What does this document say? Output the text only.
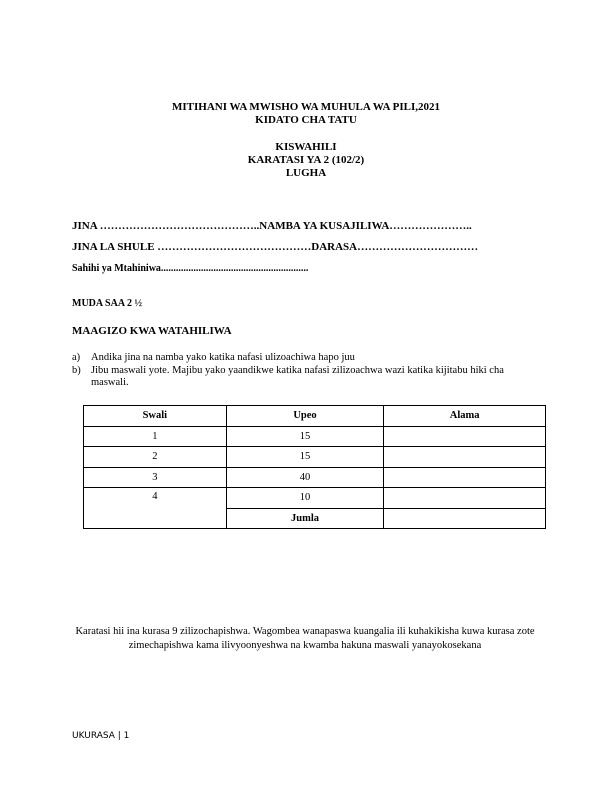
MITIHANI WA MWISHO WA MUHULA WA PILI,2021
KIDATO CHA TATU
KISWAHILI
KARATASI YA 2 (102/2)
LUGHA
JINA ……………………………………..NAMBA YA KUSAJILIWA…………………..
JINA LA SHULE ……………………………………DARASA……………………………
Sahihi ya Mtahiniwa...........................................................
MUDA SAA 2 ½
MAAGIZO KWA WATAHILIWA
a) Andika jina na namba yako katika nafasi ulizoachiwa hapo juu
b) Jibu maswali yote. Majibu yako yaandikwe katika nafasi zilizoachwa wazi katika kijitabu hiki cha maswali.
Swali	Upeo	Alama
1	15	
2	15	
3	40	
4	10	
	Jumla	
Karatasi hii ina kurasa 9 zilizochapishwa. Wagombea wanapaswa kuangalia ili kuhakikisha kuwa kurasa zote zimechapishwa kama ilivyoonyeshwa na kwamba hakuna maswali yanayokosekana
UKURASA | 1
